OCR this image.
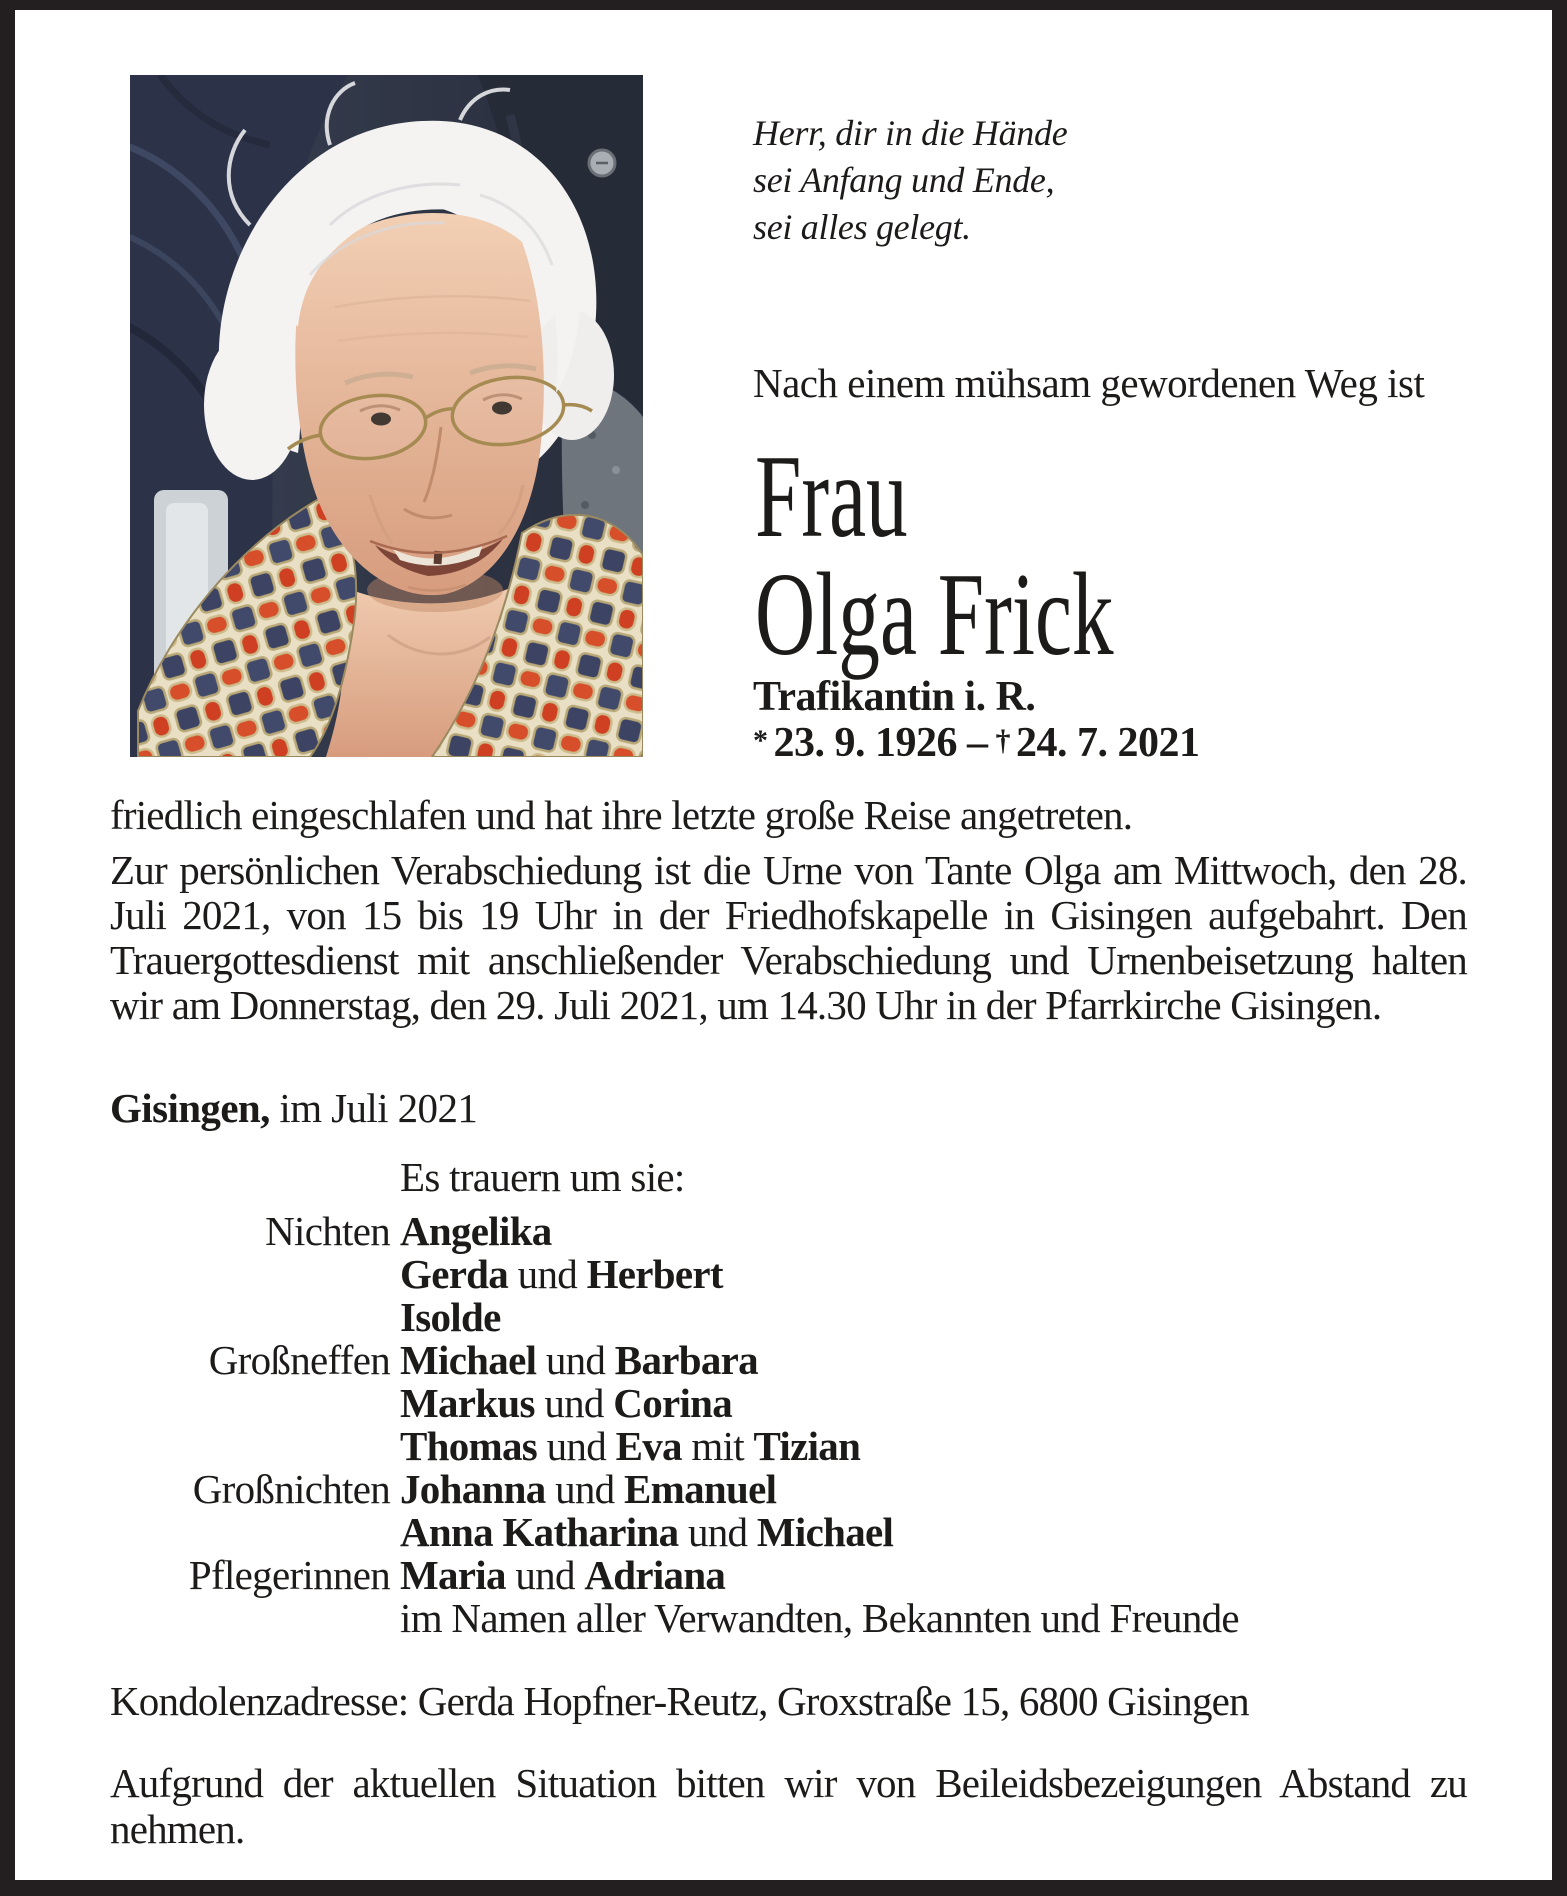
Herr, dir in die Hände
sei Anfang und Ende,
sei alles gelegt.
Nach einem mühsam gewordenen Weg ist
Frau
Olga Frick
Trafikantin i. R.
* 23. 9. 1926 – † 24. 7. 2021

friedlich eingeschlafen und hat ihre letzte große Reise angetreten.

Zur persönlichen Verabschiedung ist die Urne von Tante Olga am Mittwoch, den 28. Juli 2021, von 15 bis 19 Uhr in der Friedhofskapelle in Gisingen aufgebahrt. Den Trauergottesdienst mit anschließender Verabschiedung und Urnenbeisetzung halten wir am Donnerstag, den 29. Juli 2021, um 14.30 Uhr in der Pfarrkirche Gisingen.

Gisingen, im Juli 2021
Es trauern um sie:
Nichten Angelika
Gerda und Herbert
Isolde
Großneffen Michael und Barbara
Markus und Corina
Thomas und Eva mit Tizian
Großnichten Johanna und Emanuel
Anna Katharina und Michael
Pflegerinnen Maria und Adriana
im Namen aller Verwandten, Bekannten und Freunde
Kondolenzadresse: Gerda Hopfner-Reutz, Groxstraße 15, 6800 Gisingen
Aufgrund der aktuellen Situation bitten wir von Beileidsbezeigungen Abstand zu nehmen.
